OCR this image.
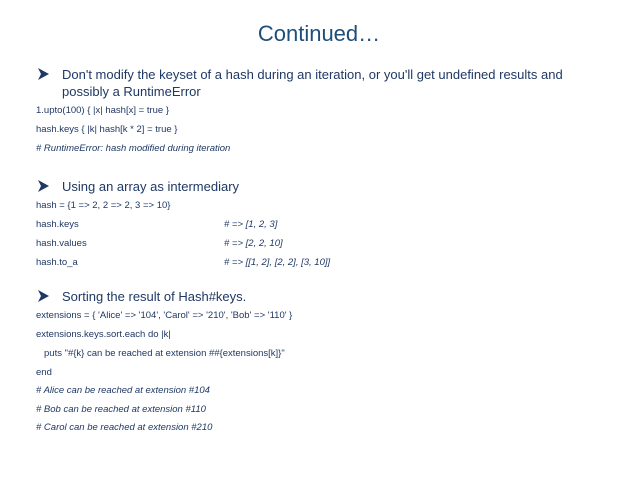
Continued…
Don't modify the keyset of a hash during an iteration, or you'll get undefined results and
possibly a RuntimeError
1.upto(100) { |x| hash[x] = true }
hash.keys { |k| hash[k * 2] = true }
# RuntimeError: hash modified during iteration
Using an array as intermediary
hash = {1 => 2, 2 => 2, 3 => 10}
hash.keys	# => [1, 2, 3]
hash.values	# => [2, 2, 10]
hash.to_a	# => [[1, 2], [2, 2], [3, 10]]
Sorting the result of Hash#keys.
extensions = { 'Alice' => '104', 'Carol' => '210', 'Bob' => '110' }
extensions.keys.sort.each do |k|
puts "#{k} can be reached at extension ##{extensions[k]}"
end
# Alice can be reached at extension #104
# Bob can be reached at extension #110
# Carol can be reached at extension #210
